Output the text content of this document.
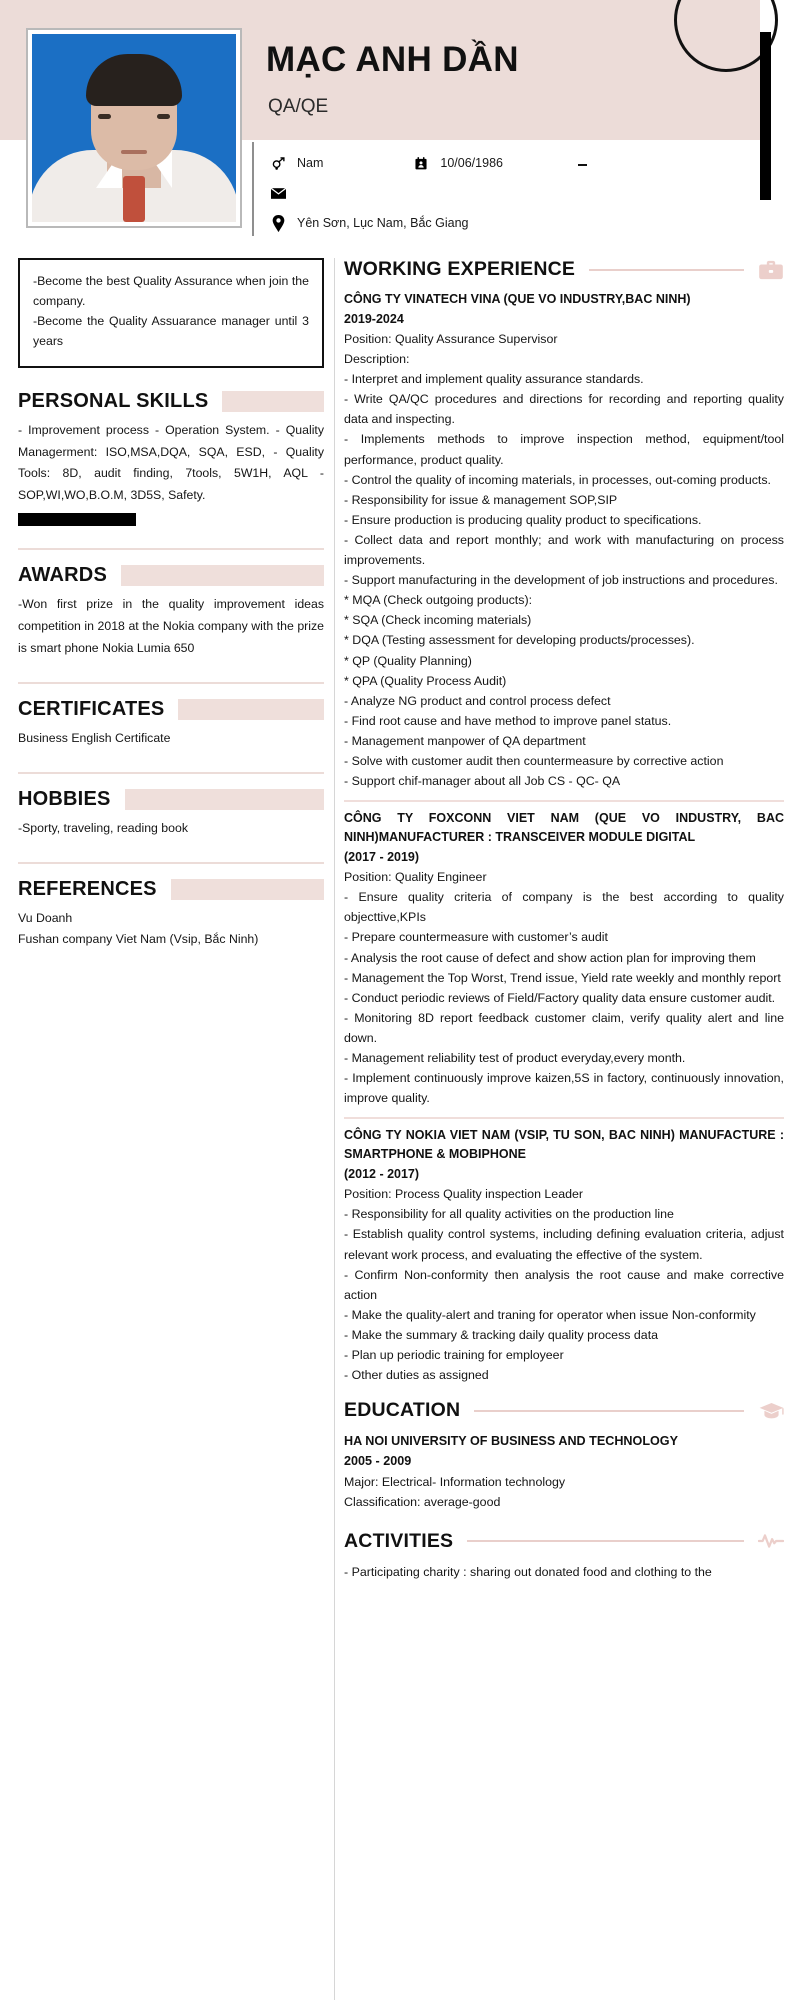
MẠC ANH DẦN
QA/QE
Nam	10/06/1986
Yên Sơn, Lục Nam, Bắc Giang
-Become the best Quality Assurance when join the company.
-Become the Quality Assuarance manager until 3 years
PERSONAL SKILLS
- Improvement process - Operation System. - Quality Managerment: ISO,MSA,DQA, SQA, ESD, - Quality Tools: 8D, audit finding, 7tools, 5W1H, AQL - SOP,WI,WO,B.O.M, 3D5S, Safety.
AWARDS
-Won first prize in the quality improvement ideas competition in 2018 at the Nokia company with the prize is smart phone Nokia Lumia 650
CERTIFICATES
Business English Certificate
HOBBIES
-Sporty, traveling, reading book
REFERENCES
Vu Doanh
Fushan company Viet Nam (Vsip, Bắc Ninh)
WORKING EXPERIENCE
CÔNG TY VINATECH VINA (QUE VO INDUSTRY,BAC NINH)
2019-2024
Position: Quality Assurance Supervisor
Description:
- Interpret and implement quality assurance standards.
- Write QA/QC procedures and directions for recording and reporting quality data and inspecting.
- Implements methods to improve inspection method, equipment/tool performance, product quality.
- Control the quality of incoming materials, in processes, out-coming products.
- Responsibility for issue & management SOP,SIP
- Ensure production is producing quality product to specifications.
- Collect data and report monthly; and work with manufacturing on process improvements.
- Support manufacturing in the development of job instructions and procedures.
* MQA (Check outgoing products):
* SQA (Check incoming materials)
* DQA (Testing assessment for developing products/processes).
* QP (Quality Planning)
* QPA (Quality Process Audit)
- Analyze NG product and control process defect
- Find root cause and have method to improve panel status.
- Management manpower of QA department
- Solve with customer audit then countermeasure by corrective action
- Support chif-manager about all Job CS - QC- QA
CÔNG TY FOXCONN VIET NAM (QUE VO INDUSTRY, BAC NINH)MANUFACTURER : TRANSCEIVER MODULE DIGITAL
(2017 - 2019)
Position: Quality Engineer
- Ensure quality criteria of company is the best according to quality objecttive,KPIs
- Prepare countermeasure with customer’s audit
- Analysis the root cause of defect and show action plan for improving them
- Management the Top Worst, Trend issue, Yield rate weekly and monthly report
- Conduct periodic reviews of Field/Factory quality data ensure customer audit.
- Monitoring 8D report feedback customer claim, verify quality alert and line down.
- Management reliability test of product everyday,every month.
- Implement continuously improve kaizen,5S in factory, continuously innovation, improve quality.
CÔNG TY NOKIA VIET NAM (VSIP, TU SON, BAC NINH) MANUFACTURE : SMARTPHONE & MOBIPHONE
(2012 - 2017)
Position: Process Quality inspection Leader
- Responsibility for all quality activities on the production line
- Establish quality control systems, including defining evaluation criteria, adjust relevant work process, and evaluating the effective of the system.
- Confirm Non-conformity then analysis the root cause and make corrective action
- Make the quality-alert and traning for operator when issue Non-conformity
- Make the summary & tracking daily quality process data
- Plan up periodic training for employeer
- Other duties as assigned
EDUCATION
HA NOI UNIVERSITY OF BUSINESS AND TECHNOLOGY
2005 - 2009
Major: Electrical- Information technology
Classification: average-good
ACTIVITIES
- Participating charity : sharing out donated food and clothing to the
